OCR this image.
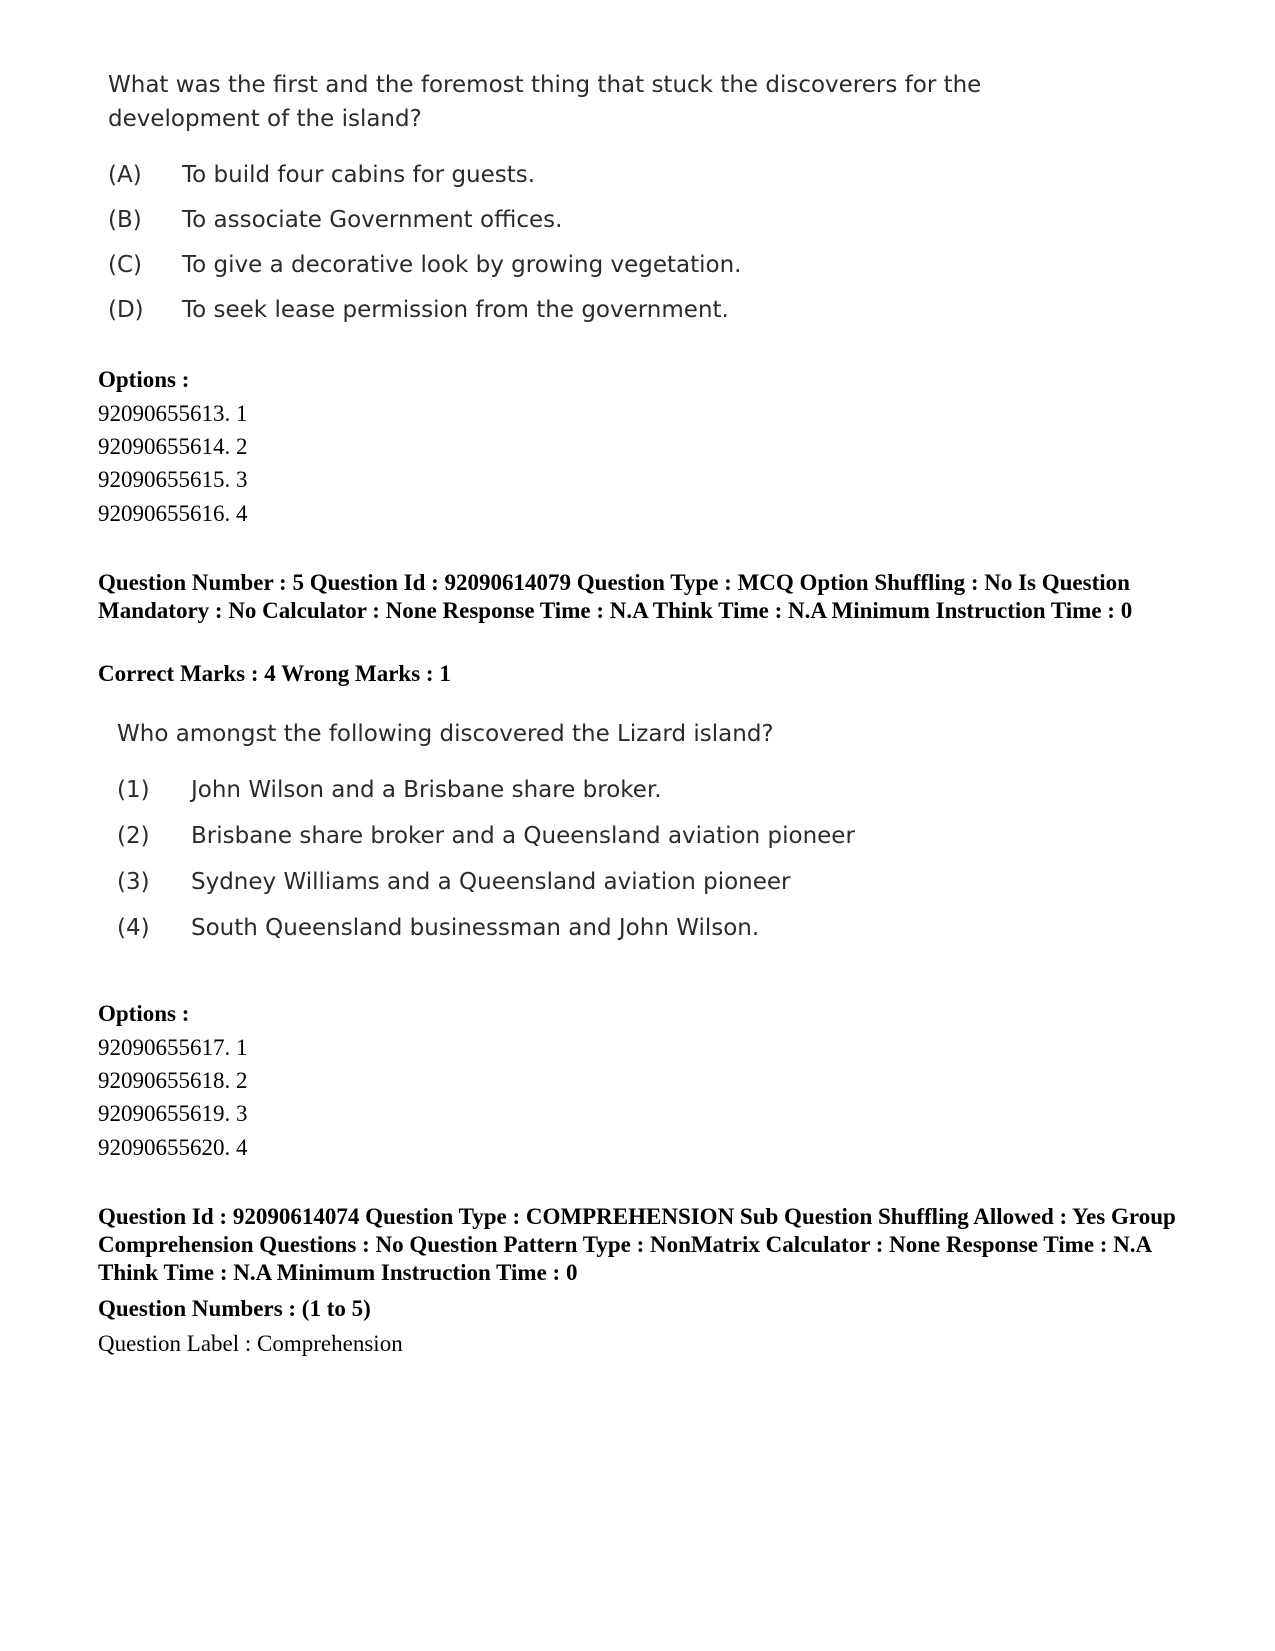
What was the first and the foremost thing that stuck the discoverers for the development of the island?

(A) To build four cabins for guests.
(B) To associate Government offices.
(C) To give a decorative look by growing vegetation.
(D) To seek lease permission from the government.

Options :

92090655613. 1

92090655614. 2

92090655615. 3

92090655616. 4

Question Number : 5 Question Id : 92090614079 Question Type : MCQ Option Shuffling : No Is Question Mandatory : No Calculator : None Response Time : N.A Think Time : N.A Minimum Instruction Time : 0

Correct Marks : 4 Wrong Marks : 1

Who amongst the following discovered the Lizard island?

(1) John Wilson and a Brisbane share broker.
(2) Brisbane share broker and a Queensland aviation pioneer
(3) Sydney Williams and a Queensland aviation pioneer
(4) South Queensland businessman and John Wilson.

Options :

92090655617. 1

92090655618. 2

92090655619. 3

92090655620. 4

Question Id : 92090614074 Question Type : COMPREHENSION Sub Question Shuffling Allowed : Yes Group Comprehension Questions : No Question Pattern Type : NonMatrix Calculator : None Response Time : N.A Think Time : N.A Minimum Instruction Time : 0

Question Numbers : (1 to 5)

Question Label : Comprehension
